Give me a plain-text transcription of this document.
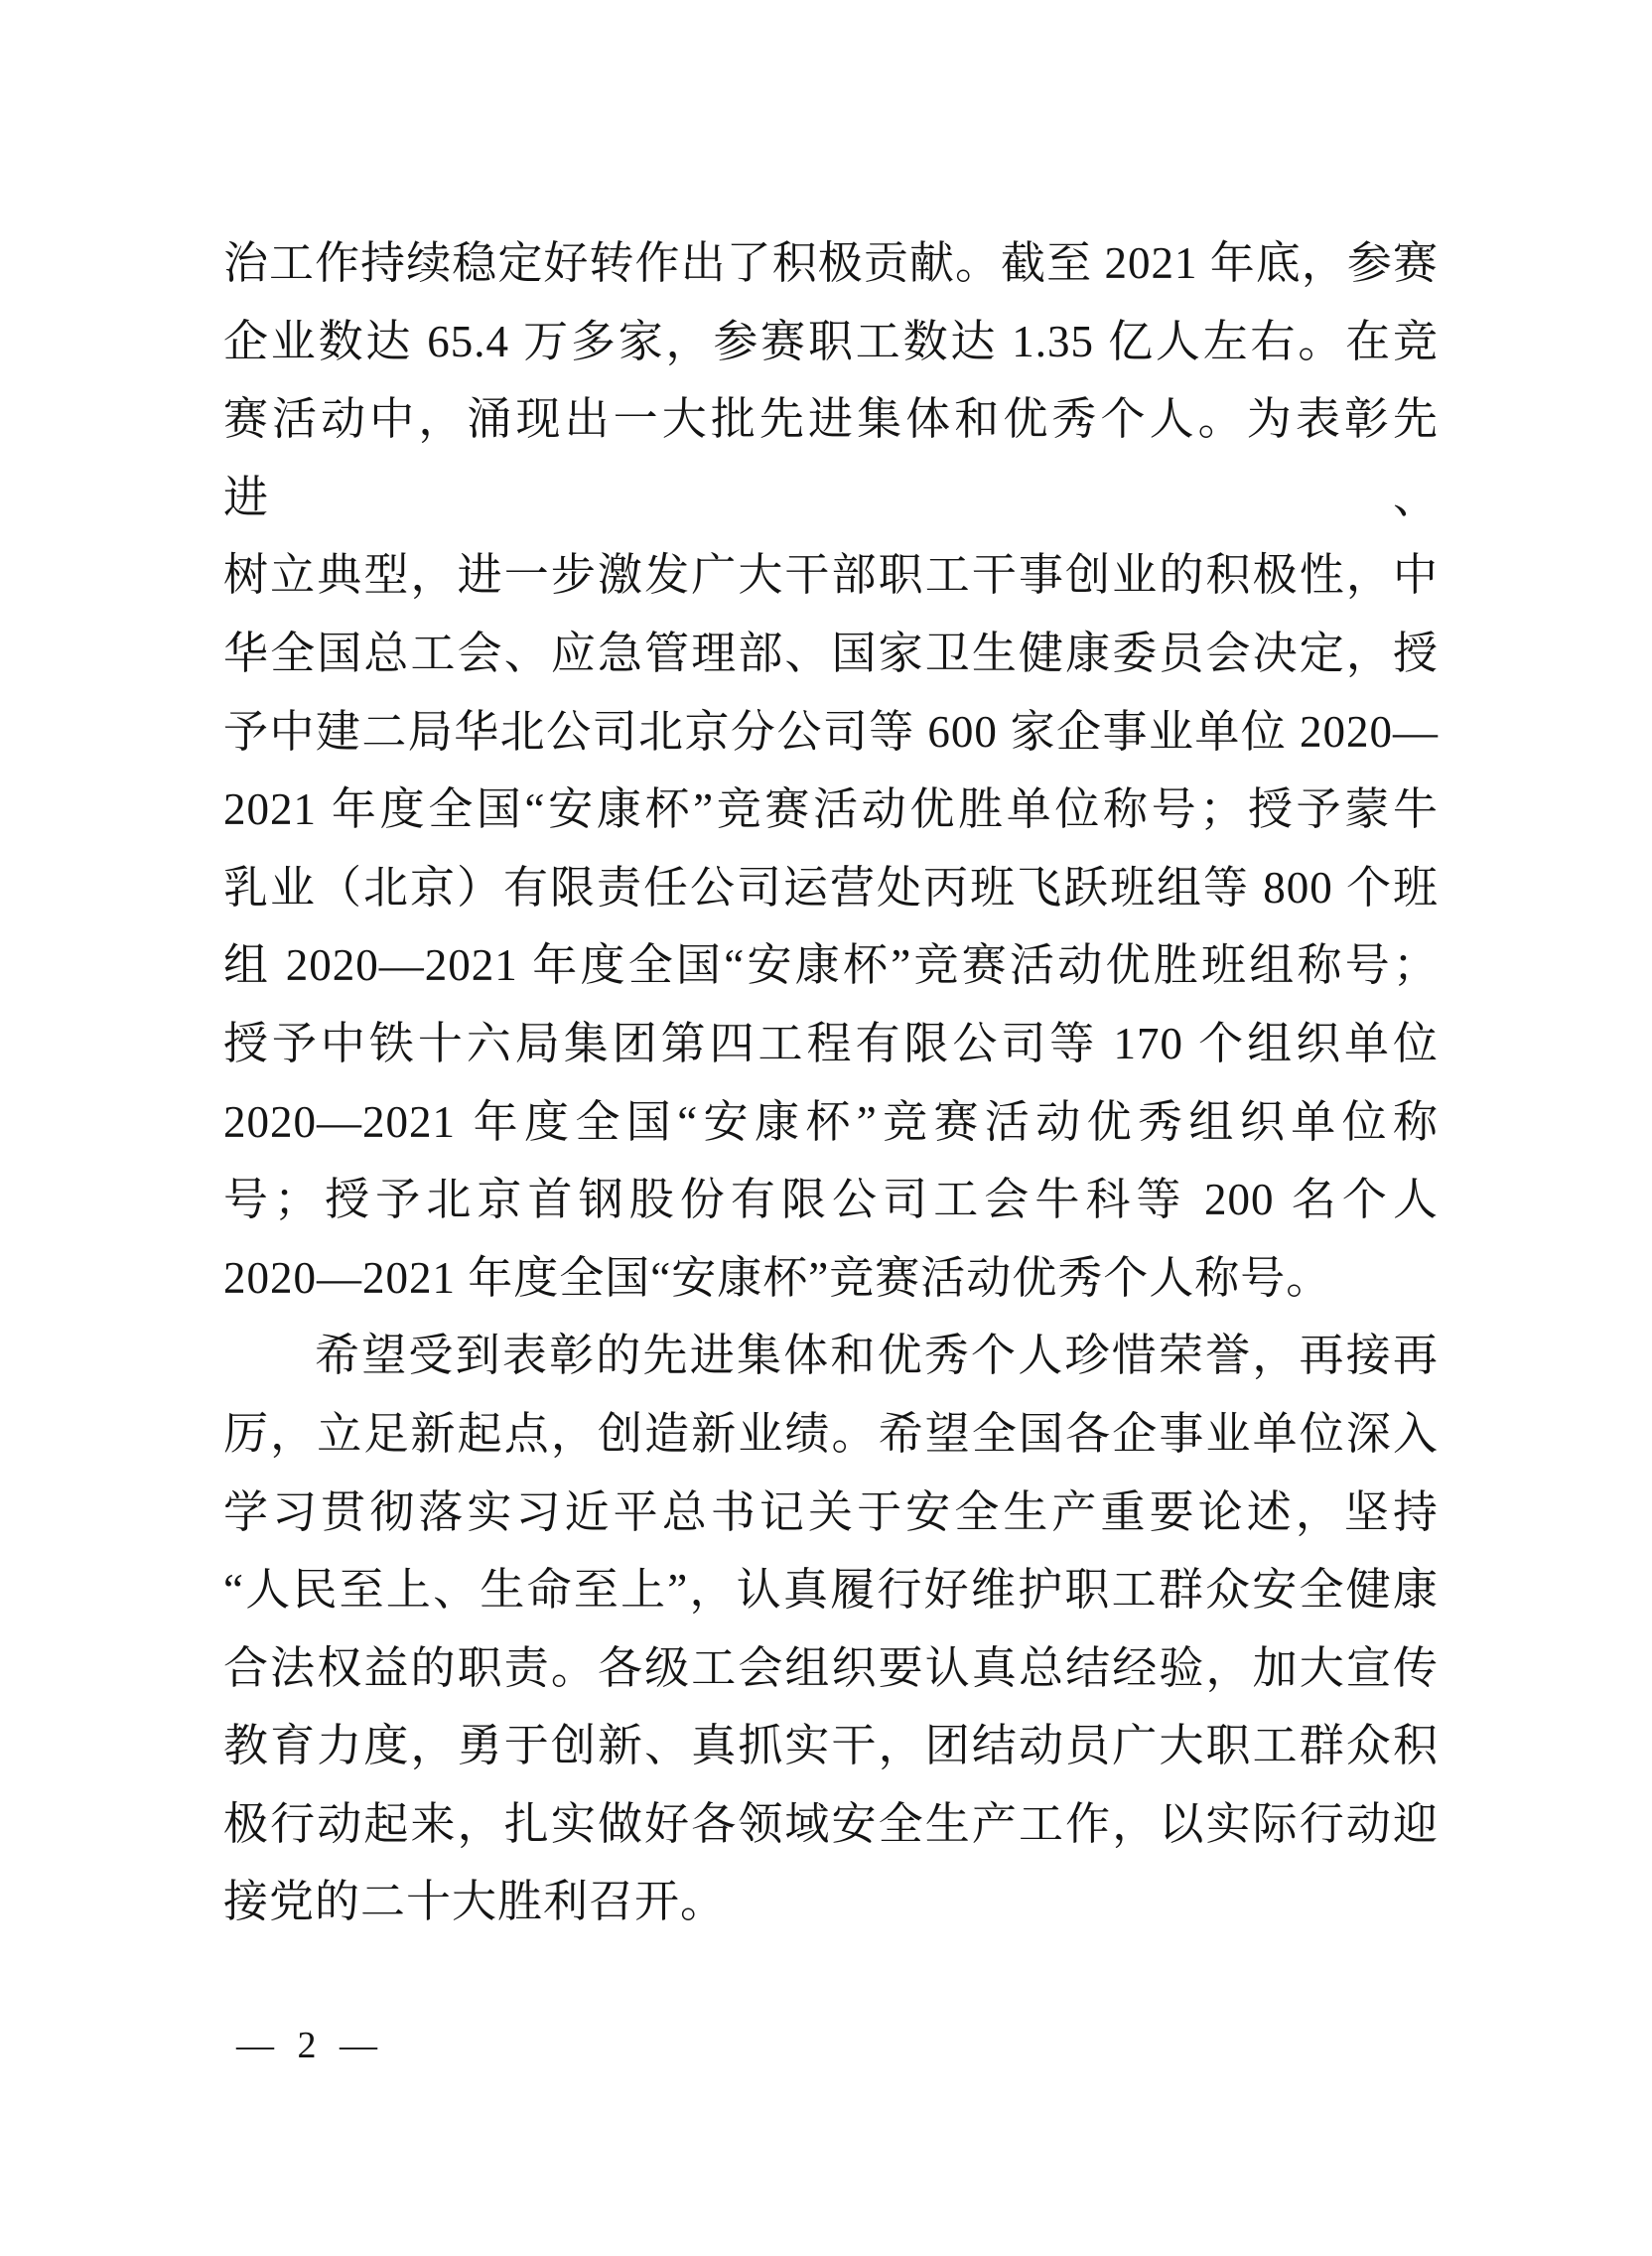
治工作持续稳定好转作出了积极贡献。截至 2021 年底，参赛
企业数达 65.4 万多家，参赛职工数达 1.35 亿人左右。在竞
赛活动中，涌现出一大批先进集体和优秀个人。为表彰先进、
树立典型，进一步激发广大干部职工干事创业的积极性，中
华全国总工会、应急管理部、国家卫生健康委员会决定，授
予中建二局华北公司北京分公司等 600 家企事业单位 2020—
2021 年度全国“安康杯”竞赛活动优胜单位称号；授予蒙牛
乳业（北京）有限责任公司运营处丙班飞跃班组等 800 个班
组 2020—2021 年度全国“安康杯”竞赛活动优胜班组称号；
授予中铁十六局集团第四工程有限公司等 170 个组织单位
2020—2021 年度全国“安康杯”竞赛活动优秀组织单位称
号；授予北京首钢股份有限公司工会牛科等 200 名个人
2020—2021 年度全国“安康杯”竞赛活动优秀个人称号。
希望受到表彰的先进集体和优秀个人珍惜荣誉，再接再
厉，立足新起点，创造新业绩。希望全国各企事业单位深入
学习贯彻落实习近平总书记关于安全生产重要论述，坚持
“人民至上、生命至上”，认真履行好维护职工群众安全健康
合法权益的职责。各级工会组织要认真总结经验，加大宣传
教育力度，勇于创新、真抓实干，团结动员广大职工群众积
极行动起来，扎实做好各领域安全生产工作，以实际行动迎
接党的二十大胜利召开。
— 2 —
